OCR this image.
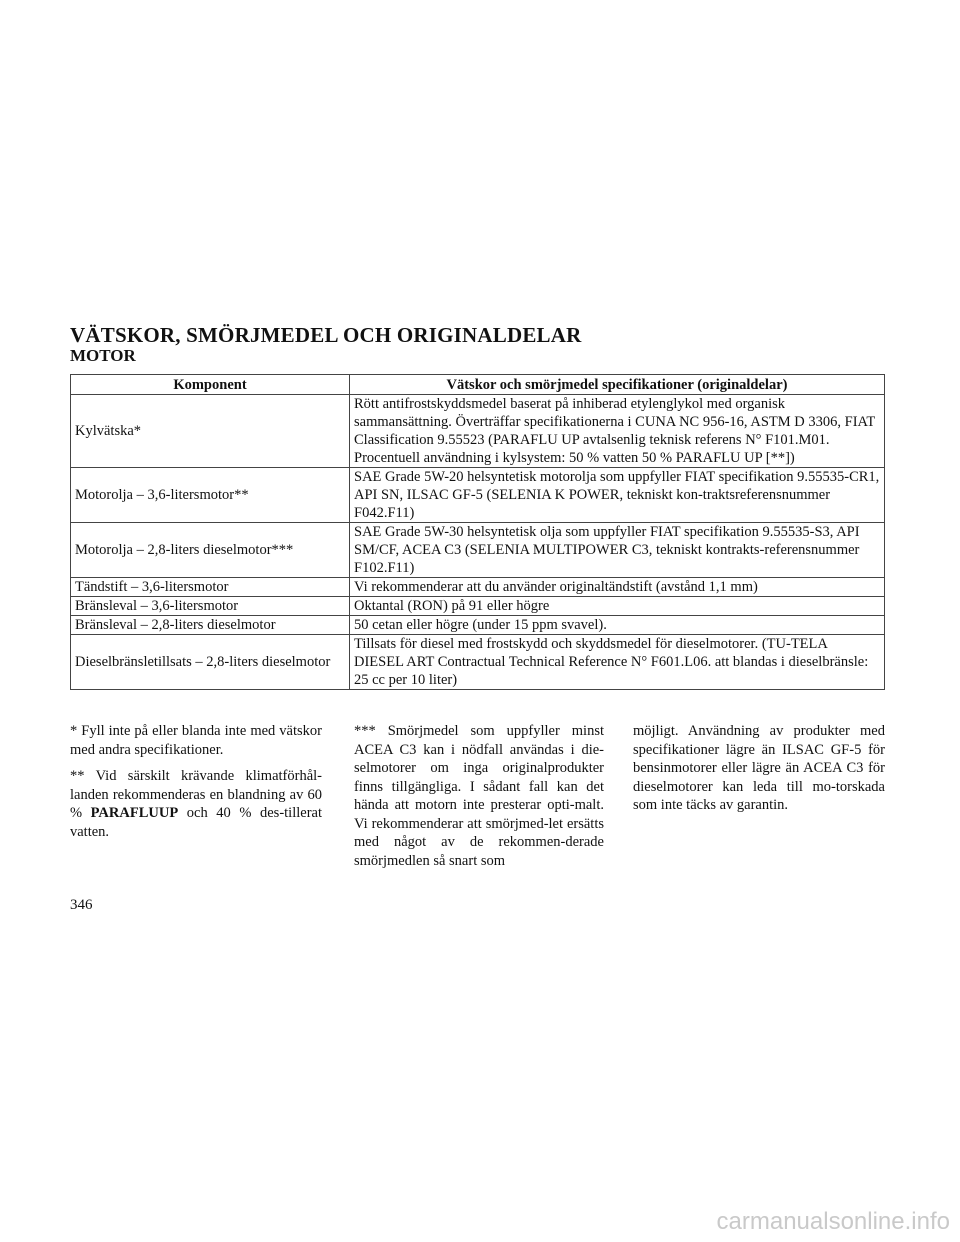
VÄTSKOR, SMÖRJMEDEL OCH ORIGINALDELAR
MOTOR
Komponent	Vätskor och smörjmedel specifikationer (originaldelar)
Kylvätska*	Rött antifrostskyddsmedel baserat på inhiberad etylenglykol med organisk sammansättning. Överträffar specifikationerna i CUNA NC 956-16, ASTM D 3306, FIAT Classification 9.55523 (PARAFLU UP avtalsenlig teknisk referens N° F101.M01. Procentuell användning i kylsystem: 50 % vatten 50 % PARAFLU UP [**])
Motorolja – 3,6-litersmotor**	SAE Grade 5W-20 helsyntetisk motorolja som uppfyller FIAT specifikation 9.55535-CR1, API SN, ILSAC GF-5 (SELENIA K POWER, tekniskt kon-traktsreferensnummer F042.F11)
Motorolja – 2,8-liters dieselmotor***	SAE Grade 5W-30 helsyntetisk olja som uppfyller FIAT specifikation 9.55535-S3, API SM/CF, ACEA C3 (SELENIA MULTIPOWER C3, tekniskt kontrakts-referensnummer F102.F11)
Tändstift – 3,6-litersmotor	Vi rekommenderar att du använder originaltändstift (avstånd 1,1 mm)
Bränsleval – 3,6-litersmotor	Oktantal (RON) på 91 eller högre
Bränsleval – 2,8-liters dieselmotor	50 cetan eller högre (under 15 ppm svavel).
Dieselbränsletillsats – 2,8-liters dieselmotor	Tillsats för diesel med frostskydd och skyddsmedel för dieselmotorer. (TU-TELA DIESEL ART Contractual Technical Reference N° F601.L06. att blandas i dieselbränsle: 25 cc per 10 liter)

* Fyll inte på eller blanda inte med vätskor med andra specifikationer.

** Vid särskilt krävande klimatförhål-landen rekommenderas en blandning av 60 % PARAFLUUP och 40 % des-tillerat vatten.

*** Smörjmedel som uppfyller minst ACEA C3 kan i nödfall användas i die-selmotorer om inga originalprodukter finns tillgängliga. I sådant fall kan det hända att motorn inte presterar opti-malt. Vi rekommenderar att smörjmed-let ersätts med något av de rekommen-derade smörjmedlen så snart som

möjligt. Användning av produkter med specifikationer lägre än ILSAC GF-5 för bensinmotorer eller lägre än ACEA C3 för dieselmotorer kan leda till mo-torskada som inte täcks av garantin.

346
carmanualsonline.info
